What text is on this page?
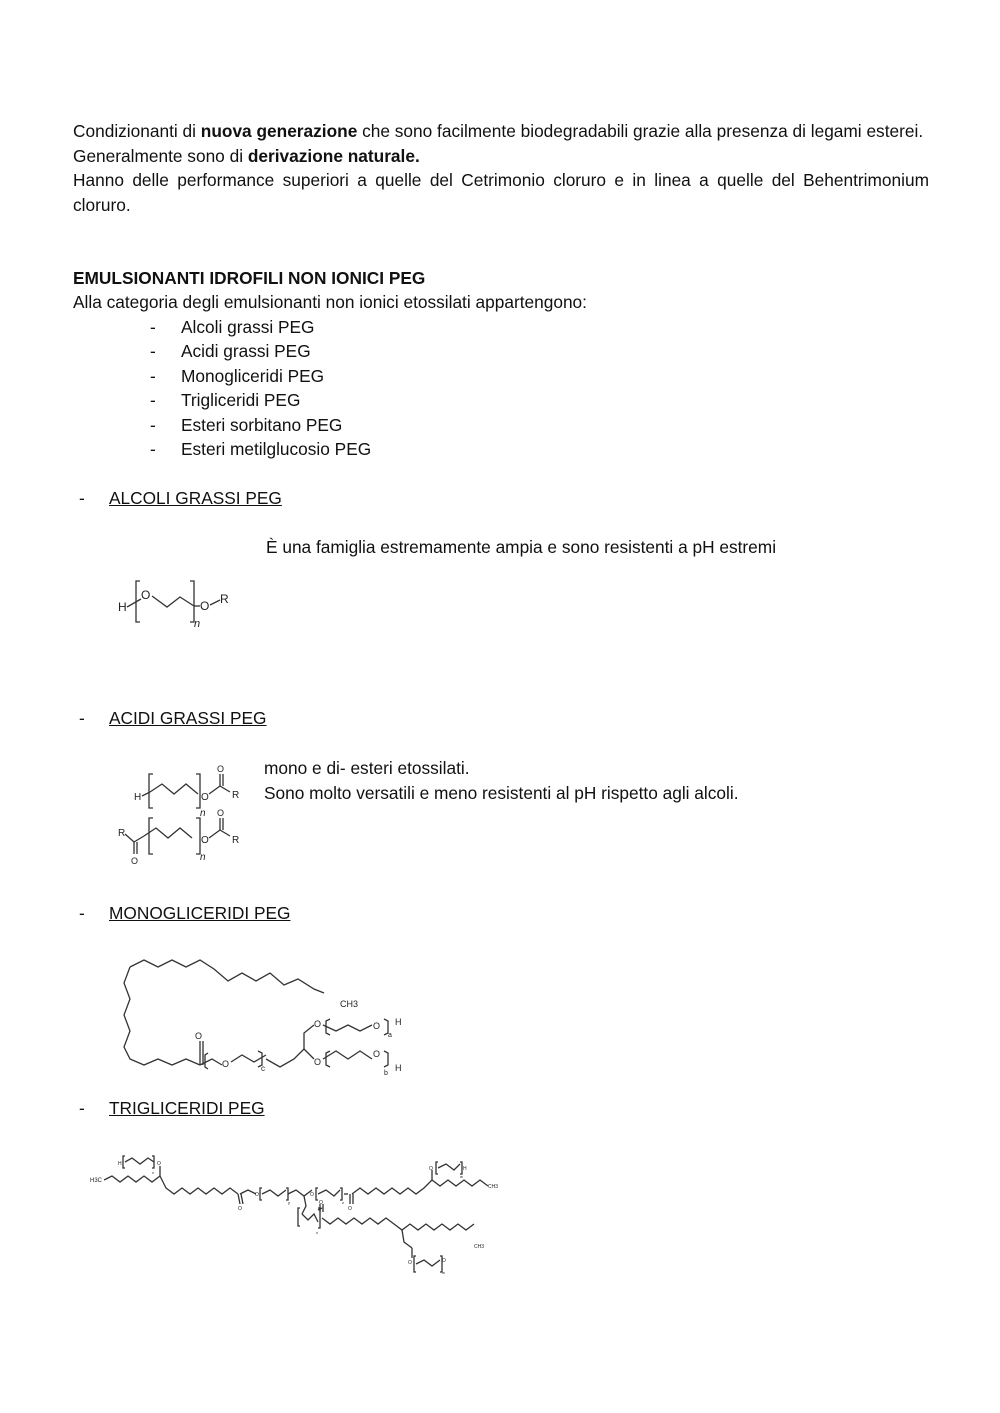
Condizionanti di nuova generazione che sono facilmente biodegradabili grazie alla presenza di legami esterei.

Generalmente sono di derivazione naturale.

Hanno delle performance superiori a quelle del Cetrimonio cloruro e in linea a quelle del Behentrimonium cloruro.

EMULSIONANTI IDROFILI NON IONICI PEG
Alla categoria degli emulsionanti non ionici etossilati appartengono:
- Alcoli grassi PEG
- Acidi grassi PEG
- Monogliceridi PEG
- Trigliceridi PEG
- Esteri sorbitano PEG
- Esteri metilglucosio PEG
- ALCOLI GRASSI PEG
È una famiglia estremamente ampia e sono resistenti a pH estremi
H
O
n
O R
- ACIDI GRASSI PEG

mono e di- esteri etossilati.

Sono molto versatili e meno resistenti al pH rispetto agli alcoli.

H
n
O
O
R
R
O	n
O
O
R
- MONOGLICERIDI PEG
CH3
O
O	c
O	O
a
H
O
O
b
H
- TRIGLICERIDI PEG
H3C
O
H
x
O
O
y
O
z
O
CH3
O	H
w
x
O
CH3
O	O
w
